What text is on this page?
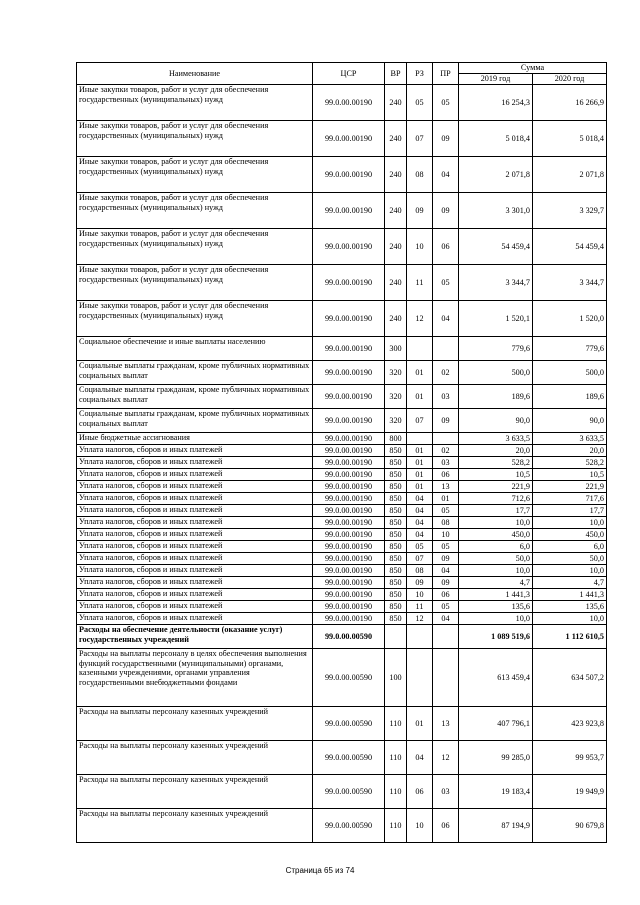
Наименование	ЦСР	ВР	РЗ	ПР	Сумма	
					2019 год	2020 год
Иные закупки товаров, работ и услуг для обеспечения государственных (муниципальных) нужд	99.0.00.00190	240	05	05	16 254,3	16 266,9
Иные закупки товаров, работ и услуг для обеспечения государственных (муниципальных) нужд	99.0.00.00190	240	07	09	5 018,4	5 018,4
Иные закупки товаров, работ и услуг для обеспечения государственных (муниципальных) нужд	99.0.00.00190	240	08	04	2 071,8	2 071,8
Иные закупки товаров, работ и услуг для обеспечения государственных (муниципальных) нужд	99.0.00.00190	240	09	09	3 301,0	3 329,7
Иные закупки товаров, работ и услуг для обеспечения государственных (муниципальных) нужд	99.0.00.00190	240	10	06	54 459,4	54 459,4
Иные закупки товаров, работ и услуг для обеспечения государственных (муниципальных) нужд	99.0.00.00190	240	11	05	3 344,7	3 344,7
Иные закупки товаров, работ и услуг для обеспечения государственных (муниципальных) нужд	99.0.00.00190	240	12	04	1 520,1	1 520,0
Социальное обеспечение и иные выплаты населению	99.0.00.00190	300			779,6	779,6
Социальные выплаты гражданам, кроме публичных нормативных социальных выплат	99.0.00.00190	320	01	02	500,0	500,0
Социальные выплаты гражданам, кроме публичных нормативных социальных выплат	99.0.00.00190	320	01	03	189,6	189,6
Социальные выплаты гражданам, кроме публичных нормативных социальных выплат	99.0.00.00190	320	07	09	90,0	90,0
Иные бюджетные ассигнования	99.0.00.00190	800			3 633,5	3 633,5
Уплата налогов, сборов и иных платежей	99.0.00.00190	850	01	02	20,0	20,0
Уплата налогов, сборов и иных платежей	99.0.00.00190	850	01	03	528,2	528,2
Уплата налогов, сборов и иных платежей	99.0.00.00190	850	01	06	10,5	10,5
Уплата налогов, сборов и иных платежей	99.0.00.00190	850	01	13	221,9	221,9
Уплата налогов, сборов и иных платежей	99.0.00.00190	850	04	01	712,6	717,6
Уплата налогов, сборов и иных платежей	99.0.00.00190	850	04	05	17,7	17,7
Уплата налогов, сборов и иных платежей	99.0.00.00190	850	04	08	10,0	10,0
Уплата налогов, сборов и иных платежей	99.0.00.00190	850	04	10	450,0	450,0
Уплата налогов, сборов и иных платежей	99.0.00.00190	850	05	05	6,0	6,0
Уплата налогов, сборов и иных платежей	99.0.00.00190	850	07	09	50,0	50,0
Уплата налогов, сборов и иных платежей	99.0.00.00190	850	08	04	10,0	10,0
Уплата налогов, сборов и иных платежей	99.0.00.00190	850	09	09	4,7	4,7
Уплата налогов, сборов и иных платежей	99.0.00.00190	850	10	06	1 441,3	1 441,3
Уплата налогов, сборов и иных платежей	99.0.00.00190	850	11	05	135,6	135,6
Уплата налогов, сборов и иных платежей	99.0.00.00190	850	12	04	10,0	10,0
Расходы на обеспечение деятельности (оказание услуг) государственных учреждений	99.0.00.00590				1 089 519,6	1 112 610,5
Расходы на выплаты персоналу в целях обеспечения выполнения функций государственными (муниципальными) органами, казенными учреждениями, органами управления государственными внебюджетными фондами	99.0.00.00590	100			613 459,4	634 507,2
Расходы на выплаты персоналу казенных учреждений	99.0.00.00590	110	01	13	407 796,1	423 923,8
Расходы на выплаты персоналу казенных учреждений	99.0.00.00590	110	04	12	99 285,0	99 953,7
Расходы на выплаты персоналу казенных учреждений	99.0.00.00590	110	06	03	19 183,4	19 949,9
Расходы на выплаты персоналу казенных учреждений	99.0.00.00590	110	10	06	87 194,9	90 679,8
Страница 65 из 74
